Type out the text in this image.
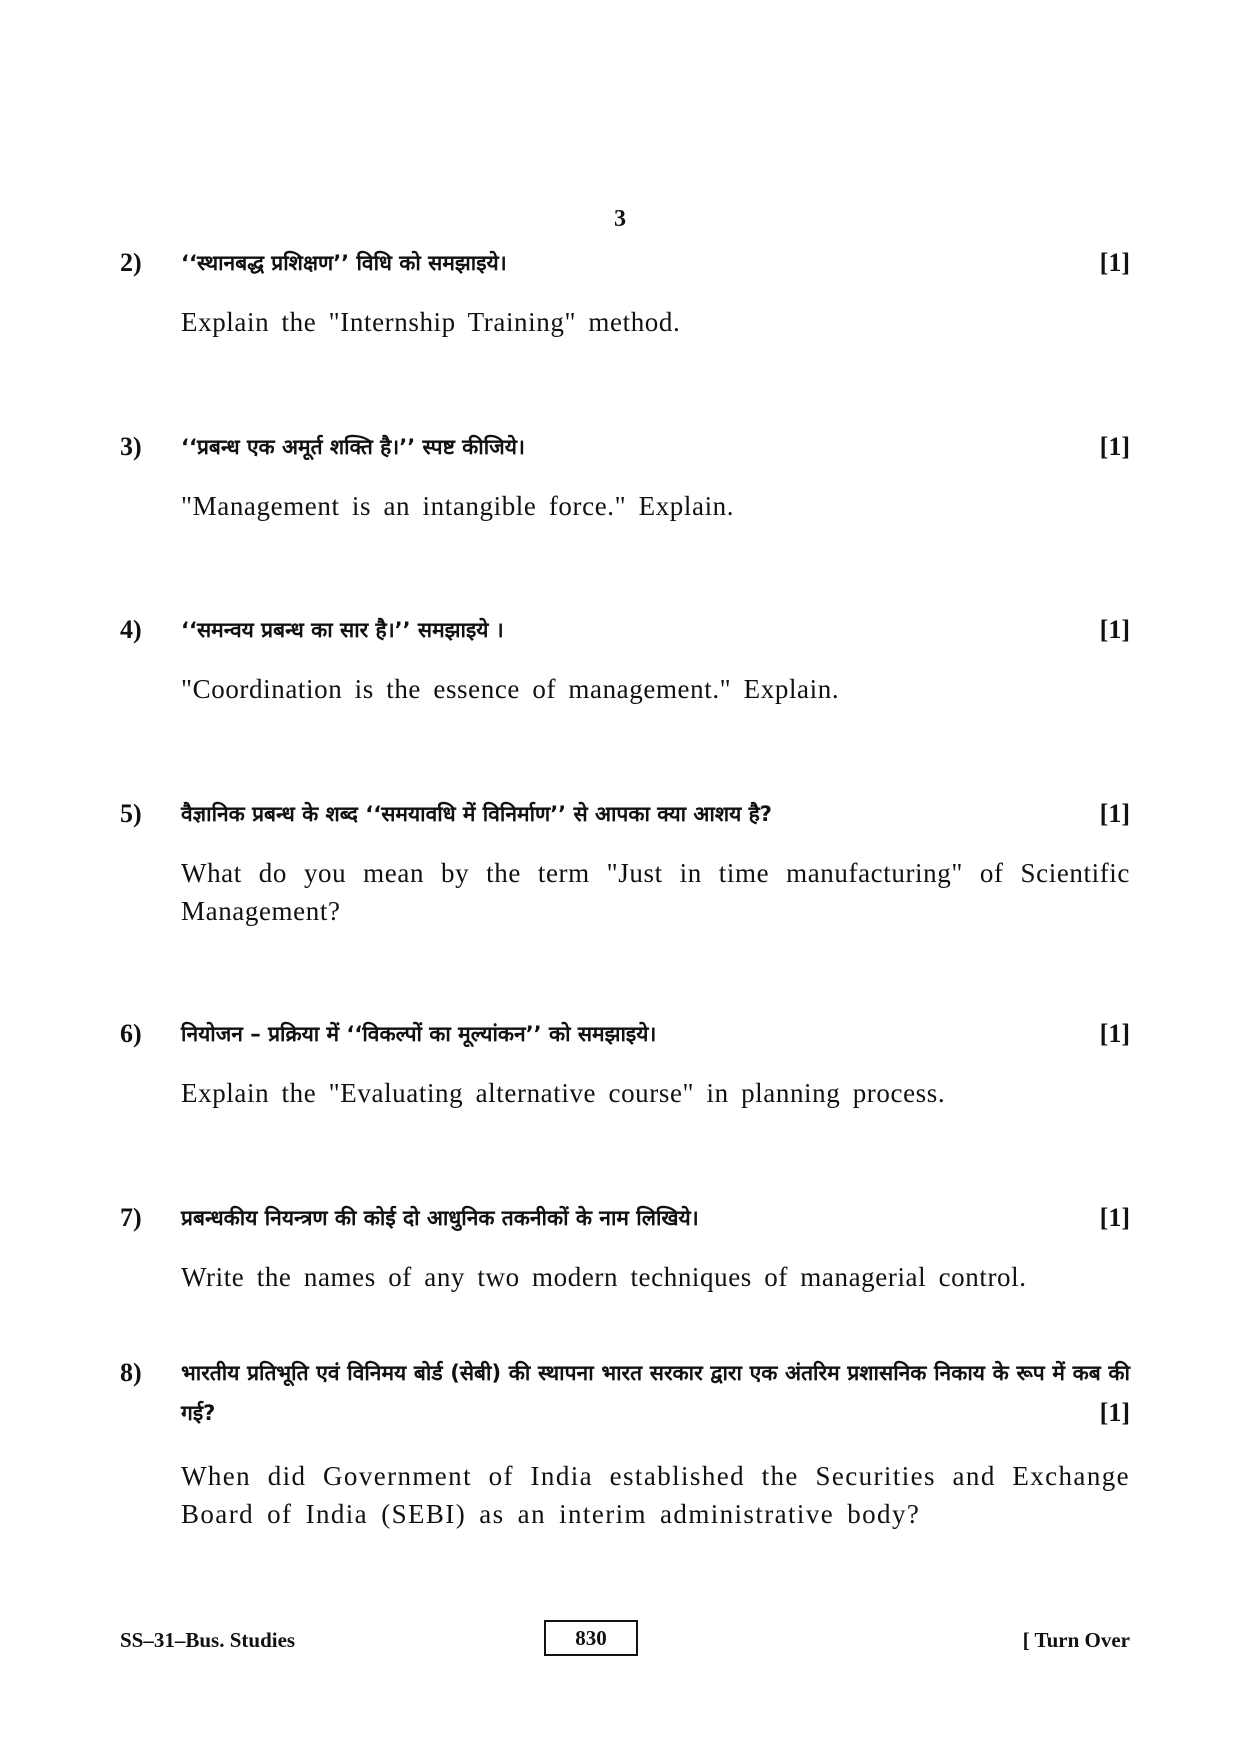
3
2) ‘‘स्थानबद्ध प्रशिक्षण’’ विधि को समझाइये।	[1]
Explain the "Internship Training" method.
3) ‘‘प्रबन्ध एक अमूर्त शक्ति है।’’ स्पष्ट कीजिये।	[1]
"Management is an intangible force." Explain.
4) ‘‘समन्वय प्रबन्ध का सार है।’’ समझाइये ।	[1]
"Coordination is the essence of management." Explain.
5) वैज्ञानिक प्रबन्ध के शब्द ‘‘समयावधि में विनिर्माण’’ से आपका क्या आशय है?	[1]
What do you mean by the term "Just in time manufacturing" of Scientific Management?
6) नियोजन – प्रक्रिया में ‘‘विकल्पों का मूल्यांकन’’ को समझाइये।	[1]
Explain the "Evaluating alternative course" in planning process.
7) प्रबन्धकीय नियन्त्रण की कोई दो आधुनिक तकनीकों के नाम लिखिये।	[1]
Write the names of any two modern techniques of managerial control.
8) भारतीय प्रतिभूति एवं विनिमय बोर्ड (सेबी) की स्थापना भारत सरकार द्वारा एक अंतरिम प्रशासनिक निकाय के रूप में कब की गई?	[1]
When did Government of India established the Securities and Exchange Board of India (SEBI) as an interim administrative body?
SS–31–Bus. Studies	830	[ Turn Over
